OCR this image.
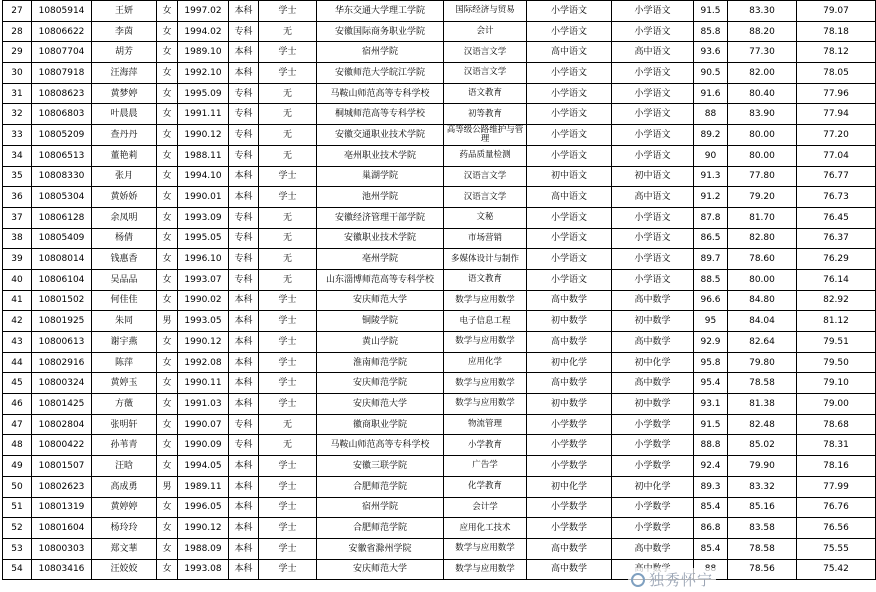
27	10805914	王妍	女	1997.02	本科	学士	华东交通大学理工学院	国际经济与贸易	小学语文	小学语文	91.5	83.30	79.07
28	10806622	李茵	女	1994.02	专科	无	安徽国际商务职业学院	会计	小学语文	小学语文	85.8	88.20	78.18
29	10807704	胡芳	女	1989.10	本科	学士	宿州学院	汉语言文学	高中语文	高中语文	93.6	77.30	78.12
30	10807918	汪海萍	女	1992.10	本科	学士	安徽师范大学皖江学院	汉语言文学	小学语文	小学语文	90.5	82.00	78.05
31	10808623	黄梦婷	女	1995.09	专科	无	马鞍山师范高等专科学校	语文教育	小学语文	小学语文	91.6	80.40	77.96
32	10806803	叶晨晨	女	1991.11	专科	无	桐城师范高等专科学校	初等教育	小学语文	小学语文	88	83.90	77.94
33	10805209	查丹丹	女	1990.12	专科	无	安徽交通职业技术学院	高等级公路维护与管理	小学语文	小学语文	89.2	80.00	77.20
34	10806513	董艳莉	女	1988.11	专科	无	亳州职业技术学院	药品质量检测	小学语文	小学语文	90	80.00	77.04
35	10808330	张月	女	1994.10	本科	学士	巢湖学院	汉语言文学	初中语文	初中语文	91.3	77.80	76.77
36	10805304	黄娇娇	女	1990.01	本科	学士	池州学院	汉语言文学	高中语文	高中语文	91.2	79.20	76.73
37	10806128	余凤明	女	1993.09	专科	无	安徽经济管理干部学院	文秘	小学语文	小学语文	87.8	81.70	76.45
38	10805409	杨倩	女	1995.05	专科	无	安徽职业技术学院	市场营销	小学语文	小学语文	86.5	82.80	76.37
39	10808014	钱惠香	女	1996.10	专科	无	亳州学院	多媒体设计与制作	小学语文	小学语文	89.7	78.60	76.29
40	10806104	吴品品	女	1993.07	专科	无	山东淄博师范高等专科学校	语文教育	小学语文	小学语文	88.5	80.00	76.14
41	10801502	何佳佳	女	1990.02	本科	学士	安庆师范大学	数学与应用数学	高中数学	高中数学	96.6	84.80	82.92
42	10801925	朱同	男	1993.05	本科	学士	铜陵学院	电子信息工程	初中数学	初中数学	95	84.04	81.12
43	10800613	谢宇燕	女	1990.12	本科	学士	黄山学院	数学与应用数学	高中数学	高中数学	92.9	82.64	79.51
44	10802916	陈萍	女	1992.08	本科	学士	淮南师范学院	应用化学	初中化学	初中化学	95.8	79.80	79.50
45	10800324	黄婷玉	女	1990.11	本科	学士	安庆师范学院	数学与应用数学	高中数学	高中数学	95.4	78.58	79.10
46	10801425	方薇	女	1991.03	本科	学士	安庆师范大学	数学与应用数学	初中数学	初中数学	93.1	81.38	79.00
47	10802804	张明轩	女	1990.07	专科	无	徽商职业学院	物流管理	小学数学	小学数学	91.5	82.48	78.68
48	10800422	孙苇青	女	1990.09	专科	无	马鞍山师范高等专科学校	小学教育	小学数学	小学数学	88.8	85.02	78.31
49	10801507	汪晗	女	1994.05	本科	学士	安徽三联学院	广告学	小学数学	小学数学	92.4	79.90	78.16
50	10802623	高成勇	男	1989.11	本科	学士	合肥师范学院	化学教育	初中化学	初中化学	89.3	83.32	77.99
51	10801319	黄婷婷	女	1996.05	本科	学士	宿州学院	会计学	小学数学	小学数学	85.4	85.16	76.76
52	10801604	杨玲玲	女	1990.12	本科	学士	合肥师范学院	应用化工技术	小学数学	小学数学	86.8	83.58	76.56
53	10800303	郑文華	女	1988.09	本科	学士	安徽省滁州学院	数学与应用数学	高中数学	高中数学	85.4	78.58	75.55
54	10803416	汪姣姣	女	1993.08	本科	学士	安庆师范大学	数学与应用数学	高中数学			78.56	75.42
独秀怀宁
